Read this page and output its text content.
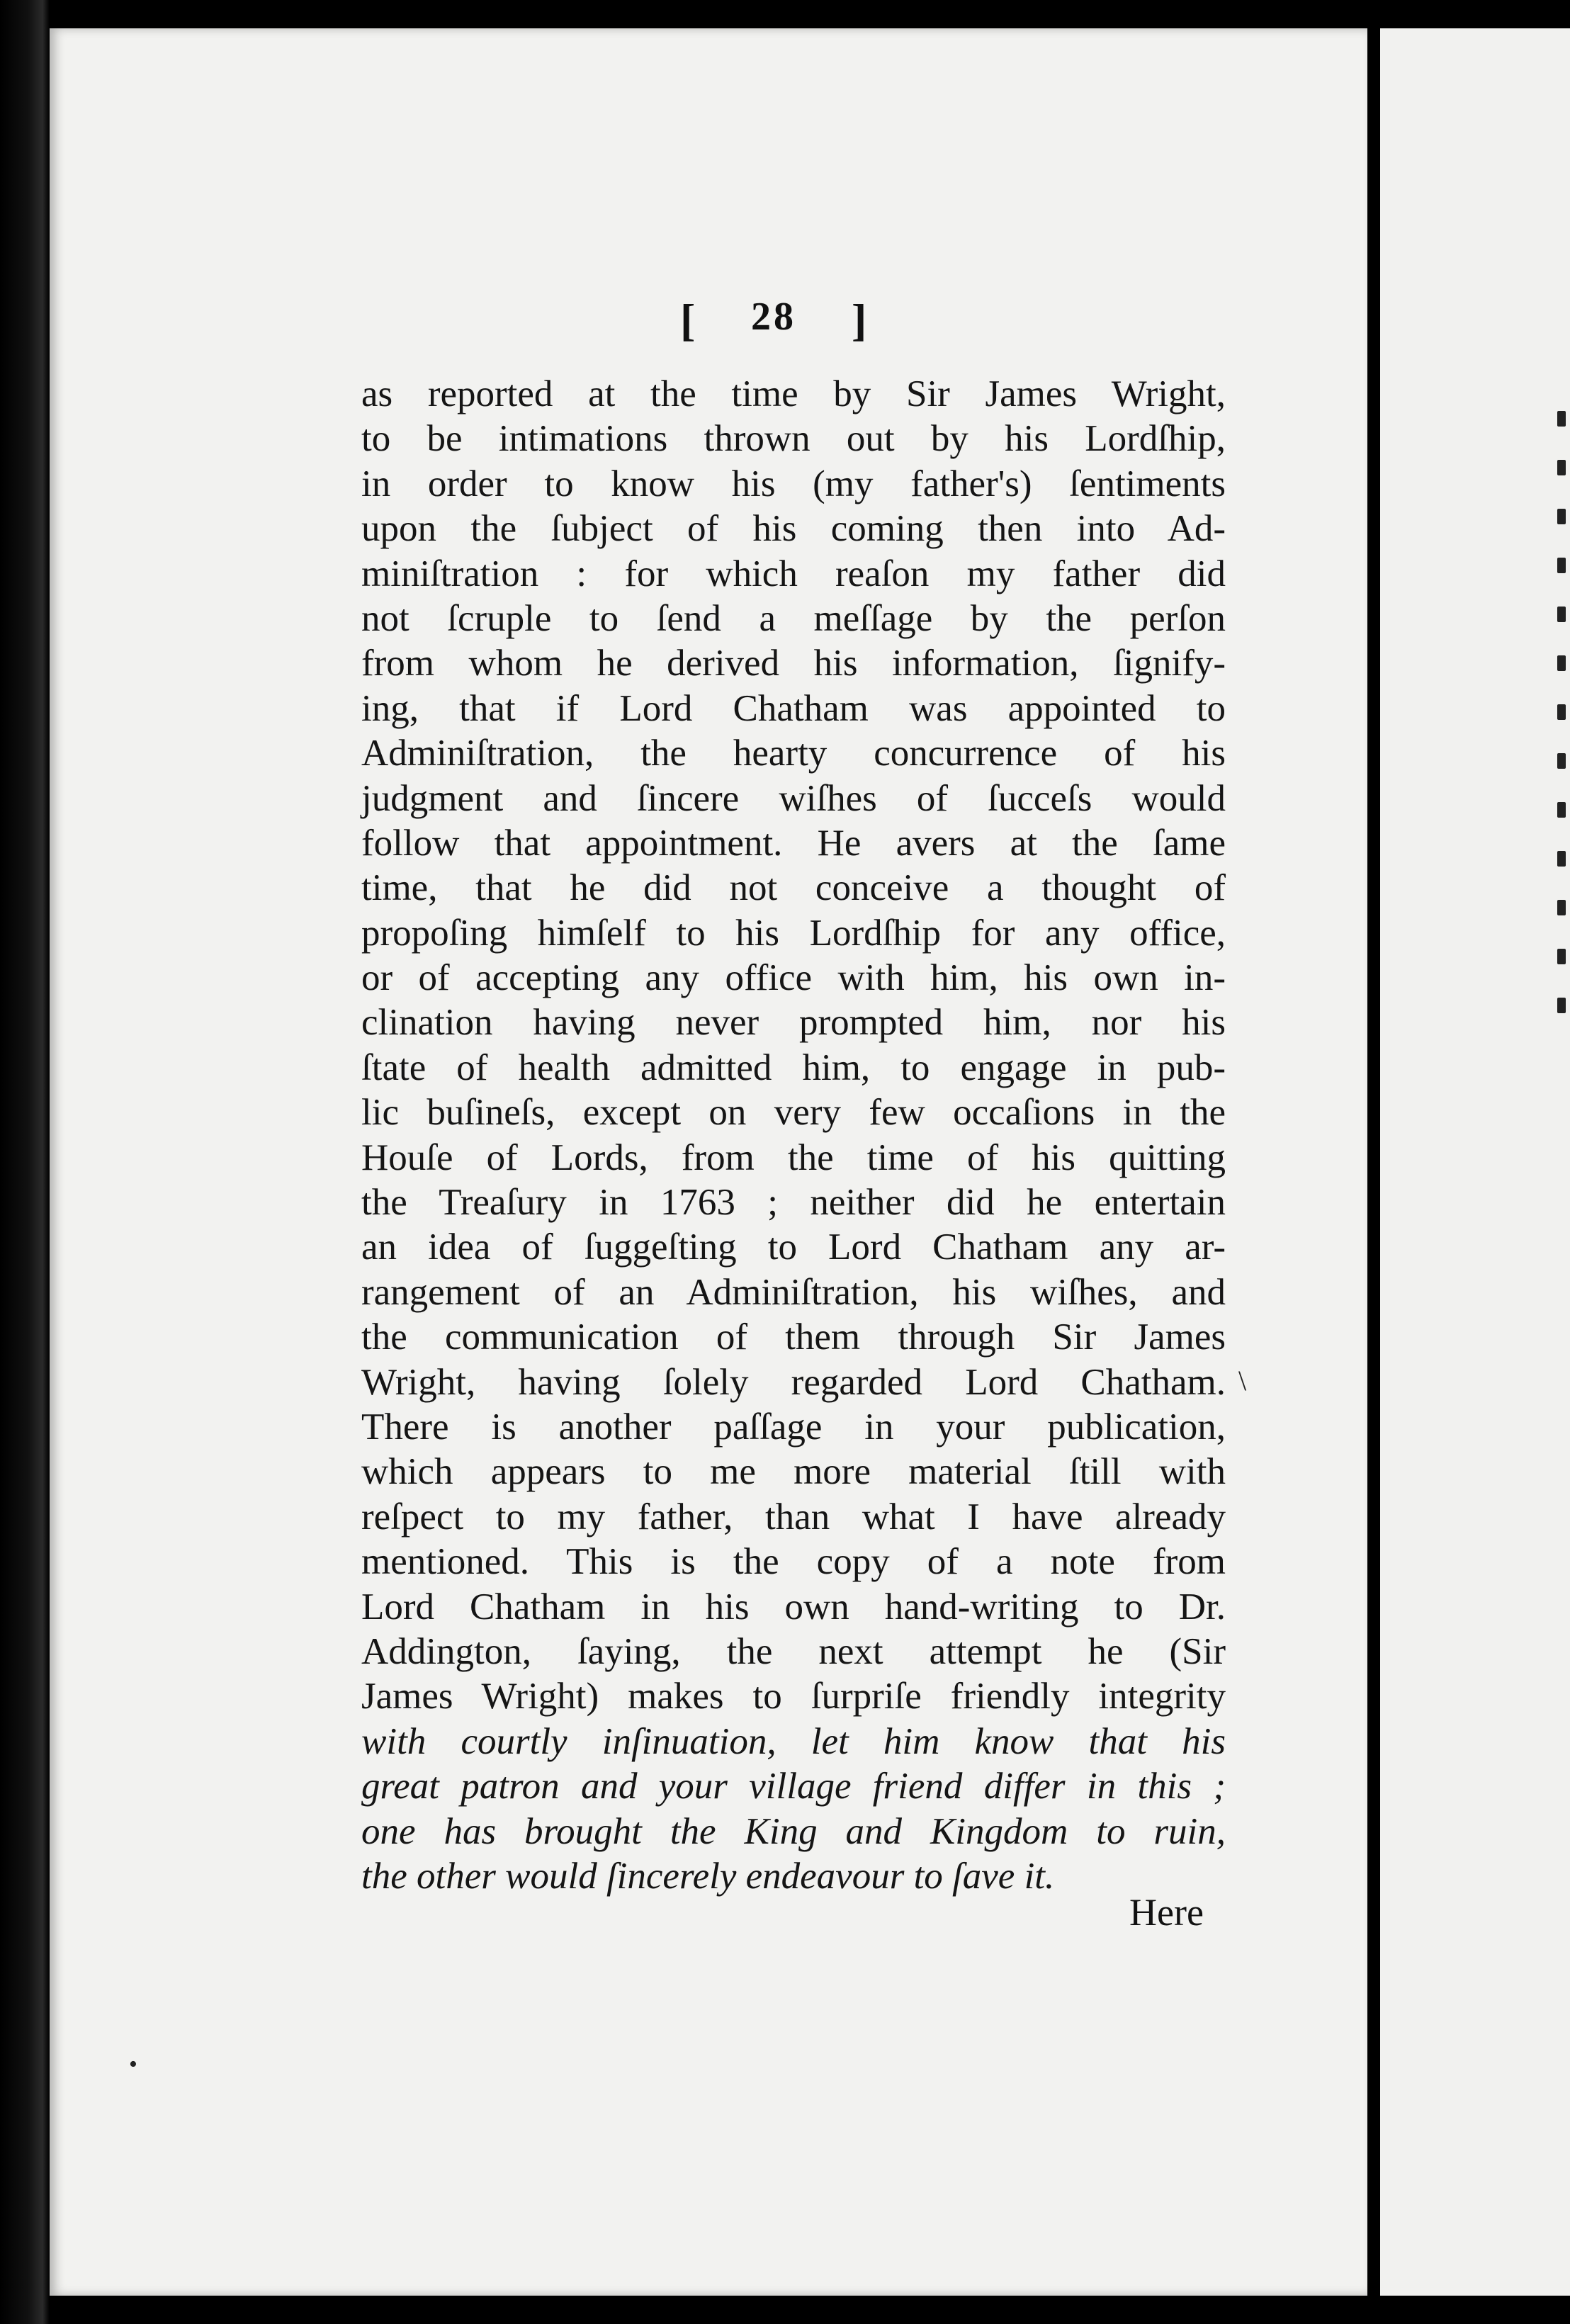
[ 28 ]
as reported at the time by Sir James Wright,
to be intimations thrown out by his Lordſhip,
in order to know his (my father's) ſentiments
upon the ſubject of his coming then into Ad-
miniſtration : for which reaſon my father did
not ſcruple to ſend a meſſage by the perſon
from whom he derived his information, ſignify-
ing, that if Lord Chatham was appointed to
Adminiſtration, the hearty concurrence of his
judgment and ſincere wiſhes of ſucceſs would
follow that appointment. He avers at the ſame
time, that he did not conceive a thought of
propoſing himſelf to his Lordſhip for any office,
or of accepting any office with him, his own in-
clination having never prompted him, nor his
ſtate of health admitted him, to engage in pub-
lic buſineſs, except on very few occaſions in the
Houſe of Lords, from the time of his quitting
the Treaſury in 1763 ; neither did he entertain
an idea of ſuggeſting to Lord Chatham any ar-
rangement of an Adminiſtration, his wiſhes, and
the communication of them through Sir James
Wright, having ſolely regarded Lord Chatham.
There is another paſſage in your publication,
which appears to me more material ſtill with
reſpect to my father, than what I have already
mentioned. This is the copy of a note from
Lord Chatham in his own hand-writing to Dr.
Addington, ſaying, the next attempt he (Sir
James Wright) makes to ſurpriſe friendly integrity
with courtly inſinuation, let him know that his
great patron and your village friend differ in this ;
one has brought the King and Kingdom to ruin,
the other would ſincerely endeavour to ſave it.
Here
\
•
